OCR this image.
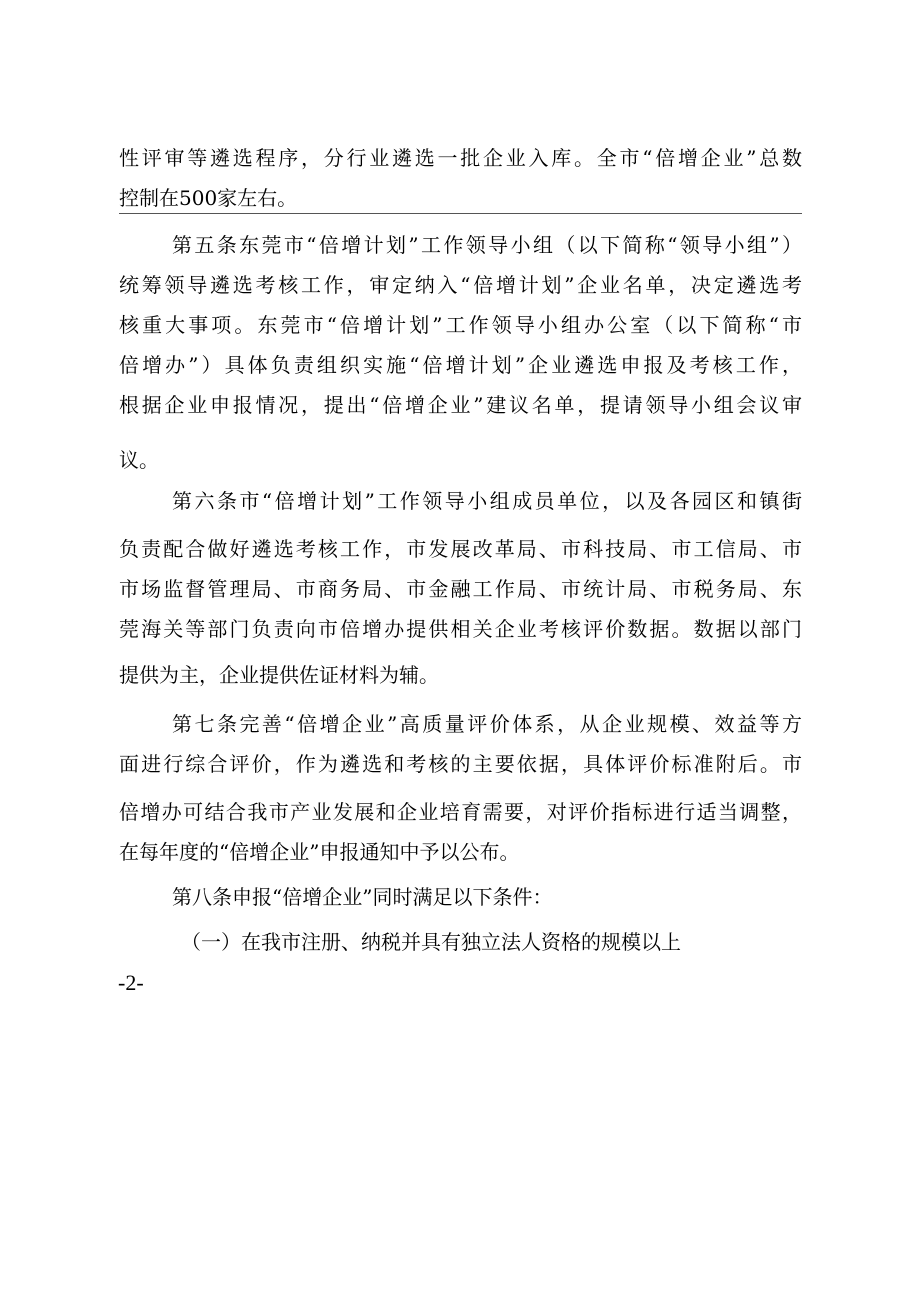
性评审等遴选程序，分行业遴选一批企业入库。全市“倍增企业”总数
控制在500家左右。
第五条东莞市“倍增计划”工作领导小组（以下简称“领导小组”）
统筹领导遴选考核工作，审定纳入“倍增计划”企业名单，决定遴选考
核重大事项。东莞市“倍增计划”工作领导小组办公室（以下简称“市
倍增办”）具体负责组织实施“倍增计划”企业遴选申报及考核工作，
根据企业申报情况，提出“倍增企业”建议名单，提请领导小组会议审
议。
第六条市“倍增计划”工作领导小组成员单位，以及各园区和镇街
负责配合做好遴选考核工作，市发展改革局、市科技局、市工信局、市
市场监督管理局、市商务局、市金融工作局、市统计局、市税务局、东
莞海关等部门负责向市倍增办提供相关企业考核评价数据。数据以部门
提供为主，企业提供佐证材料为辅。
第七条完善“倍增企业”高质量评价体系，从企业规模、效益等方
面进行综合评价，作为遴选和考核的主要依据，具体评价标准附后。市
倍增办可结合我市产业发展和企业培育需要，对评价指标进行适当调整，
在每年度的“倍增企业”申报通知中予以公布。
第八条申报“倍增企业”同时满足以下条件：
（一）在我市注册、纳税并具有独立法人资格的规模以上
-2-
